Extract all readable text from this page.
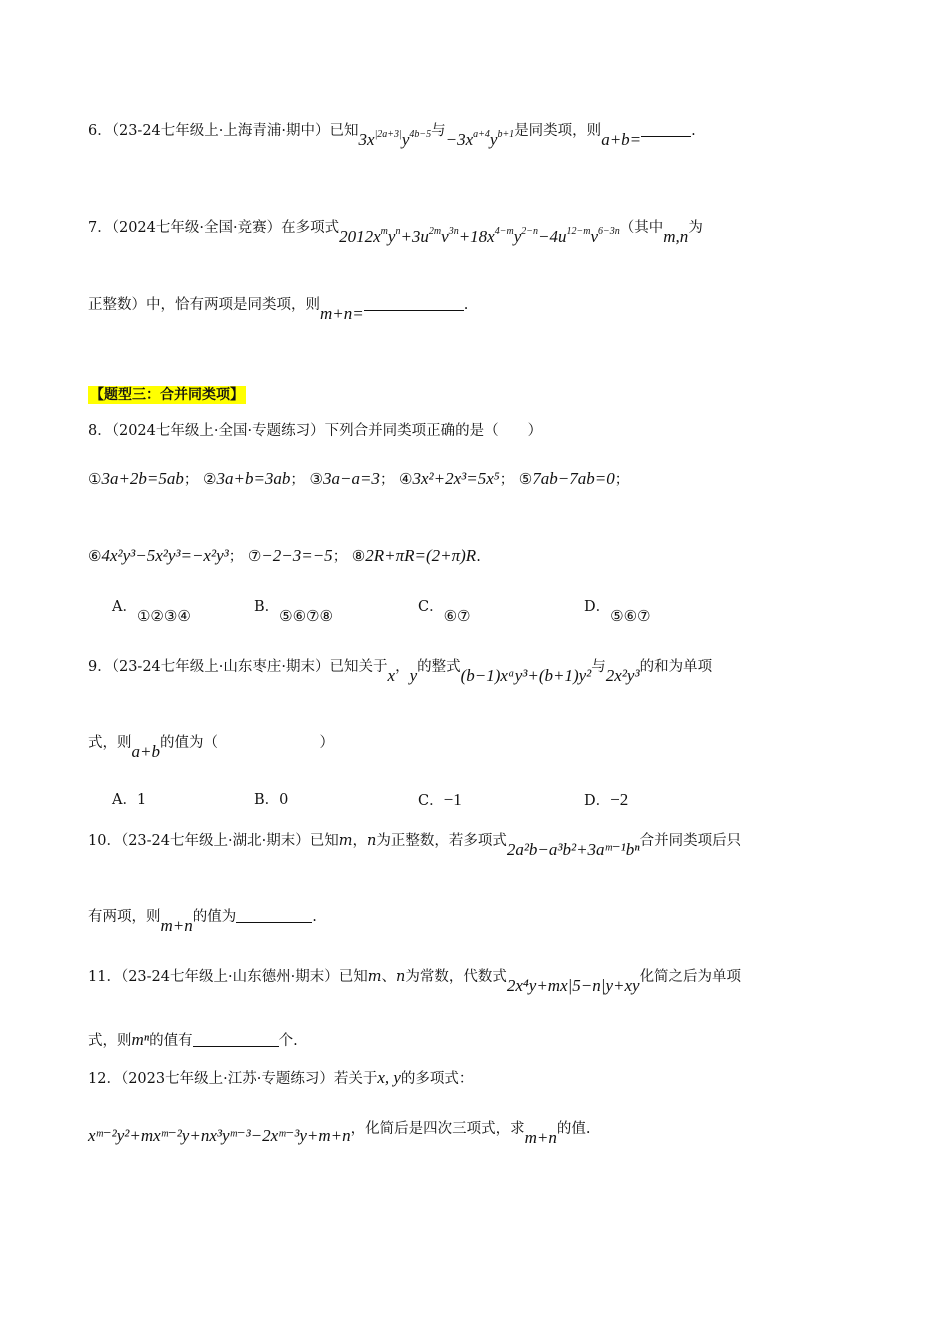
6．（23-24七年级上·上海青浦·期中）已知$3x^{|2a+3|}y^{4b-5}$与$-3x^{a+4}y^{b+1}$是同类项，则a+b=	.
7．（2024七年级·全国·竞赛）在多项式$2012x^my^n+3u^{2m}v^{3n}+18x^{4-m}y^{2-n}-4u^{12-m}v^{6-3n}$（其中m,n为
正整数）中，恰有两项是同类项，则m+n=	.
【题型三：合并同类项】
8．（2024七年级上·全国·专题练习）下列合并同类项正确的是（　　）
①3a+2b=5ab； ②3a+b=3ab； ③3a−a=3； ④3x²+2x³=5x⁵； ⑤7ab−7ab=0；
⑥4x²y³−5x²y³=−x²y³； ⑦−2−3=−5； ⑧2R+πR=(2+π)R.
A．①②③④	B．⑤⑥⑦⑧	C．⑥⑦	D．⑤⑥⑦
9．（23-24七年级上·山东枣庄·期末）已知关于x，y的整式(b−1)xᵃy³+(b+1)y²与2x²y³的和为单项
式，则a+b的值为（　　　　　　　）
A．1	B．0	C．−1	D．−2
10．（23-24七年级上·湖北·期末）已知m，n为正整数，若多项式2a²b−a³b²+3aᵐ⁻¹bⁿ合并同类项后只
有两项，则m+n的值为	.
11．（23-24七年级上·山东德州·期末）已知m、n为常数，代数式2x⁴y+mx|5−n|y+xy化简之后为单项
式，则mⁿ的值有	个.
12．（2023七年级上·江苏·专题练习）若关于x, y的多项式：
xᵐ⁻²y²+mxᵐ⁻²y+nx³yᵐ⁻³−2xᵐ⁻³y+m+n，化简后是四次三项式，求m+n的值.
